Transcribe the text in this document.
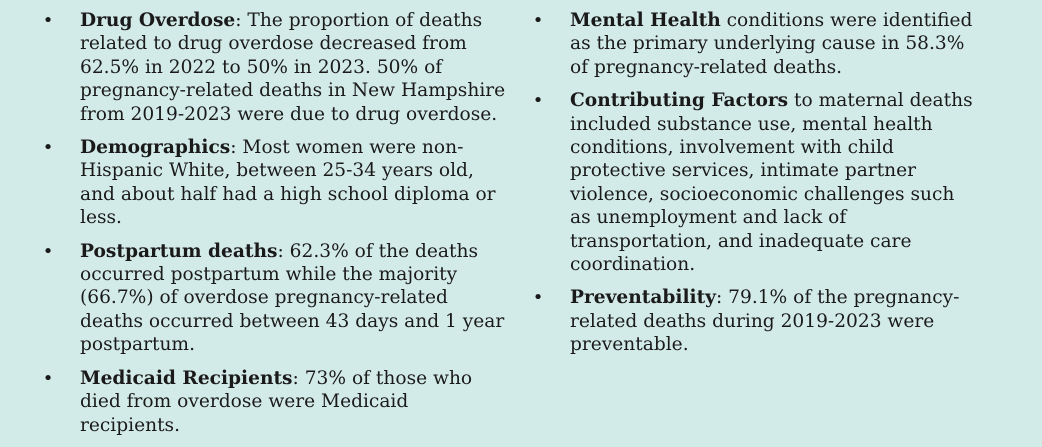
• Drug Overdose: The proportion of deaths related to drug overdose decreased from 62.5% in 2022 to 50% in 2023. 50% of pregnancy-related deaths in New Hampshire from 2019-2023 were due to drug overdose.
• Demographics: Most women were non-Hispanic White, between 25-34 years old, and about half had a high school diploma or less.
• Postpartum deaths: 62.3% of the deaths occurred postpartum while the majority (66.7%) of overdose pregnancy-related deaths occurred between 43 days and 1 year postpartum.
• Medicaid Recipients: 73% of those who died from overdose were Medicaid recipients.
• Mental Health conditions were identified as the primary underlying cause in 58.3% of pregnancy-related deaths.
• Contributing Factors to maternal deaths included substance use, mental health conditions, involvement with child protective services, intimate partner violence, socioeconomic challenges such as unemployment and lack of transportation, and inadequate care coordination.
• Preventability: 79.1% of the pregnancy-related deaths during 2019-2023 were preventable.
